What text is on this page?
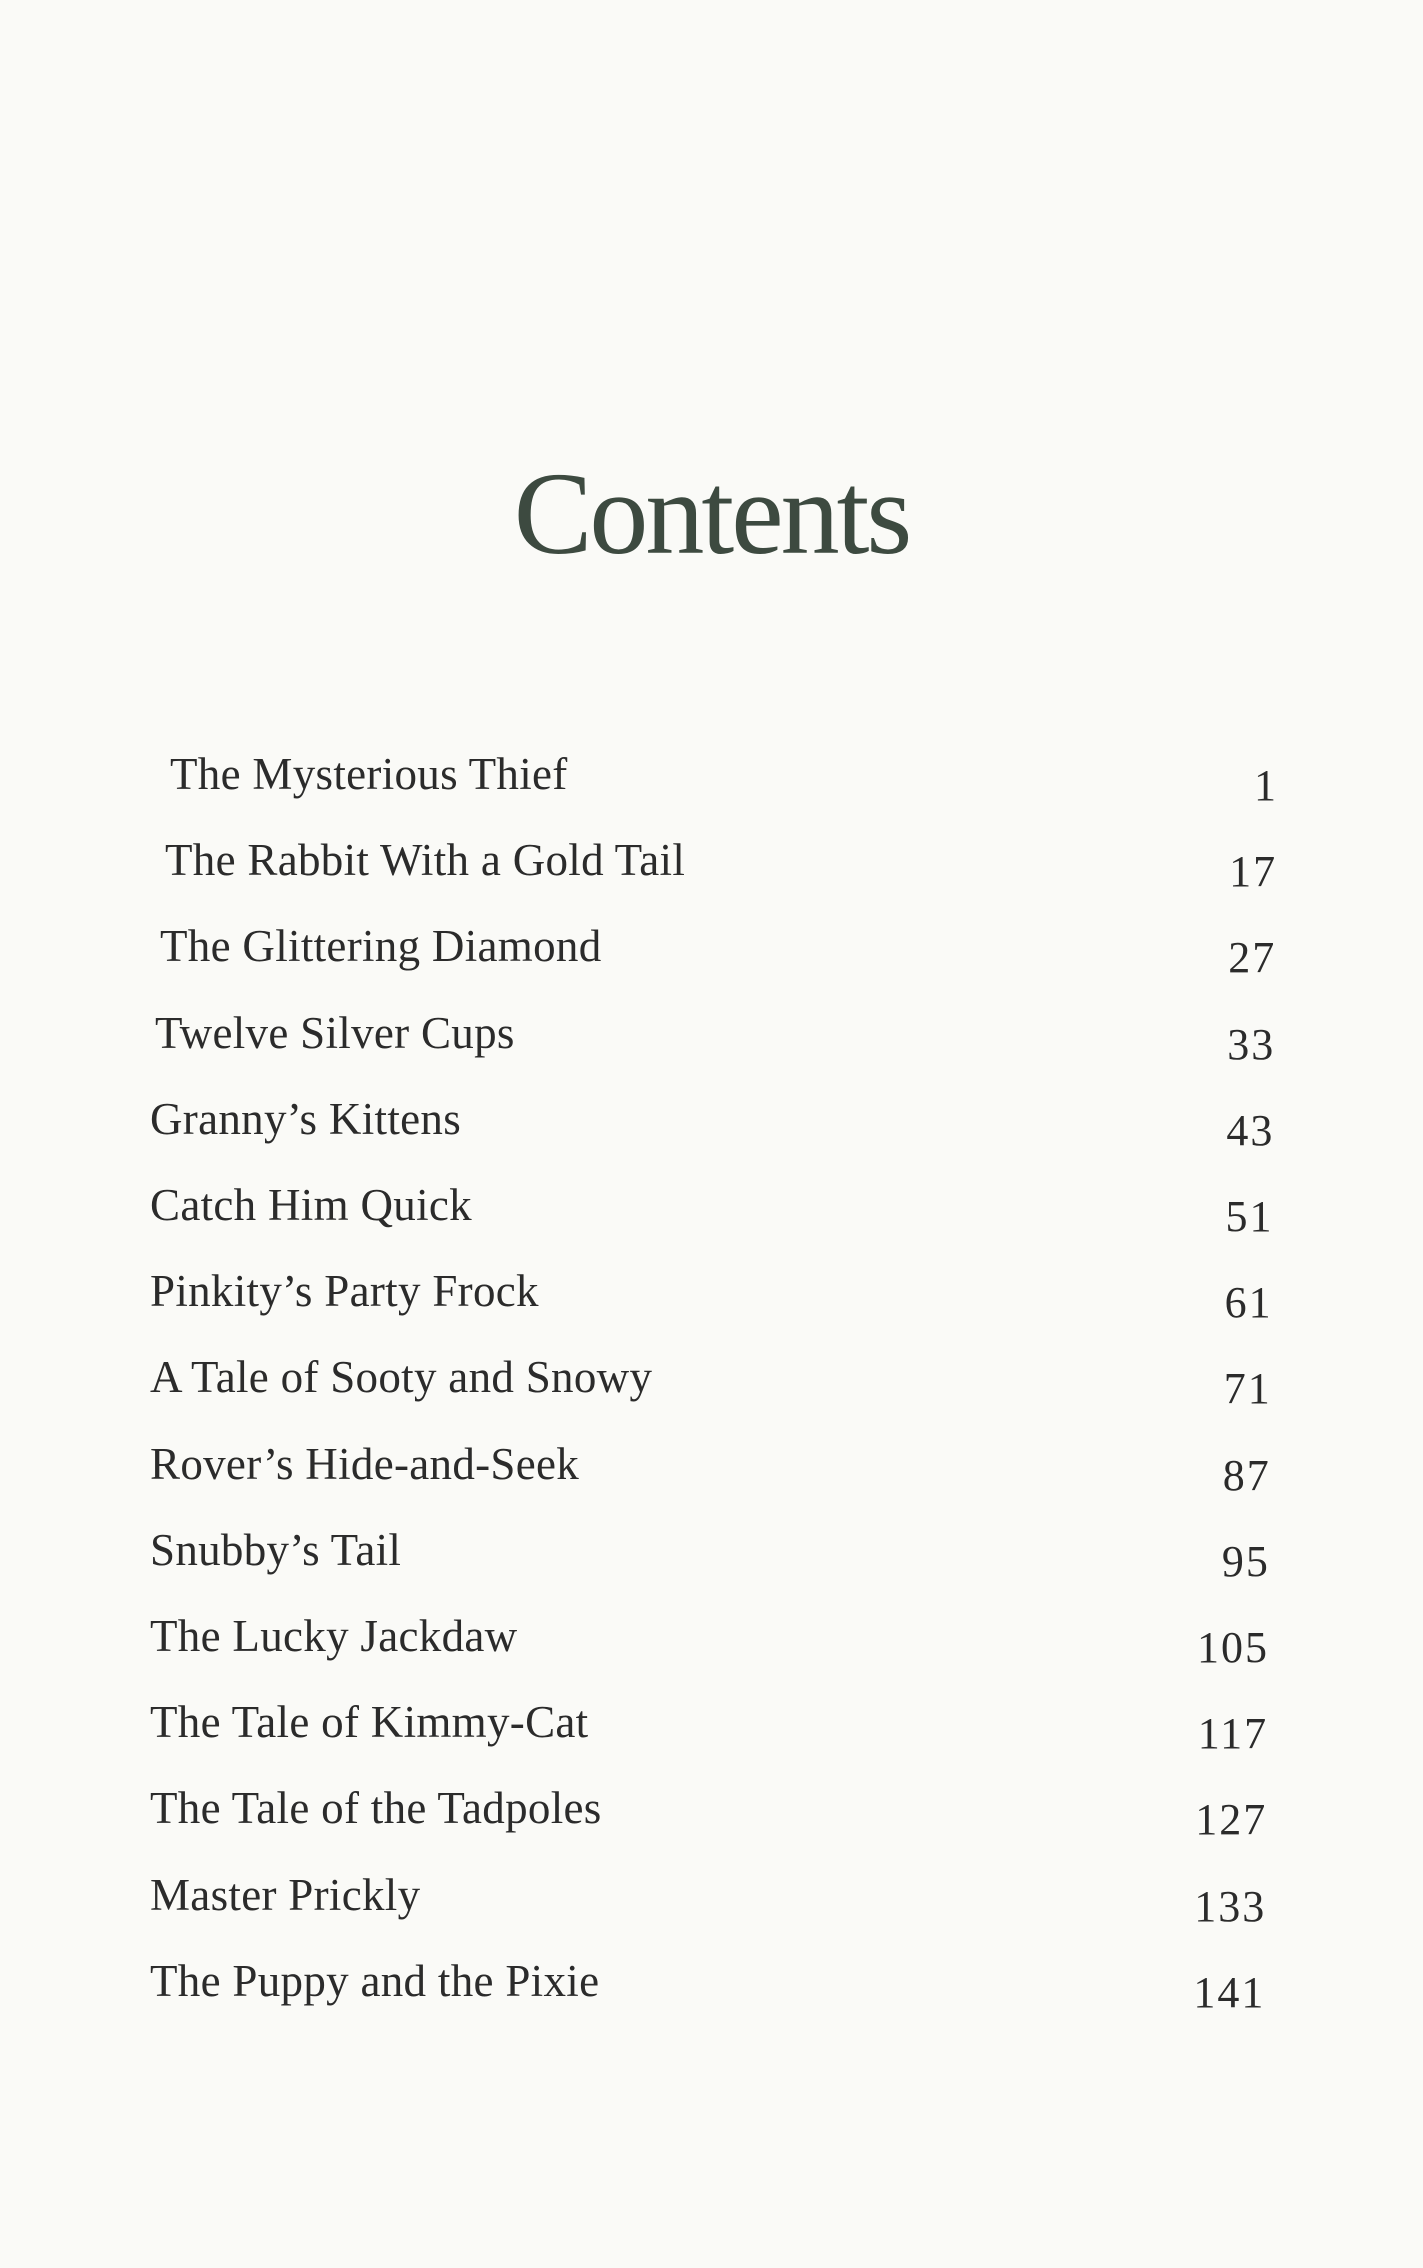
Contents
The Mysterious Thief	1
The Rabbit With a Gold Tail	17
The Glittering Diamond	27
Twelve Silver Cups	33
Granny’s Kittens	43
Catch Him Quick	51
Pinkity’s Party Frock	61
A Tale of Sooty and Snowy	71
Rover’s Hide-and-Seek	87
Snubby’s Tail	95
The Lucky Jackdaw	105
The Tale of Kimmy-Cat	117
The Tale of the Tadpoles	127
Master Prickly	133
The Puppy and the Pixie	141
